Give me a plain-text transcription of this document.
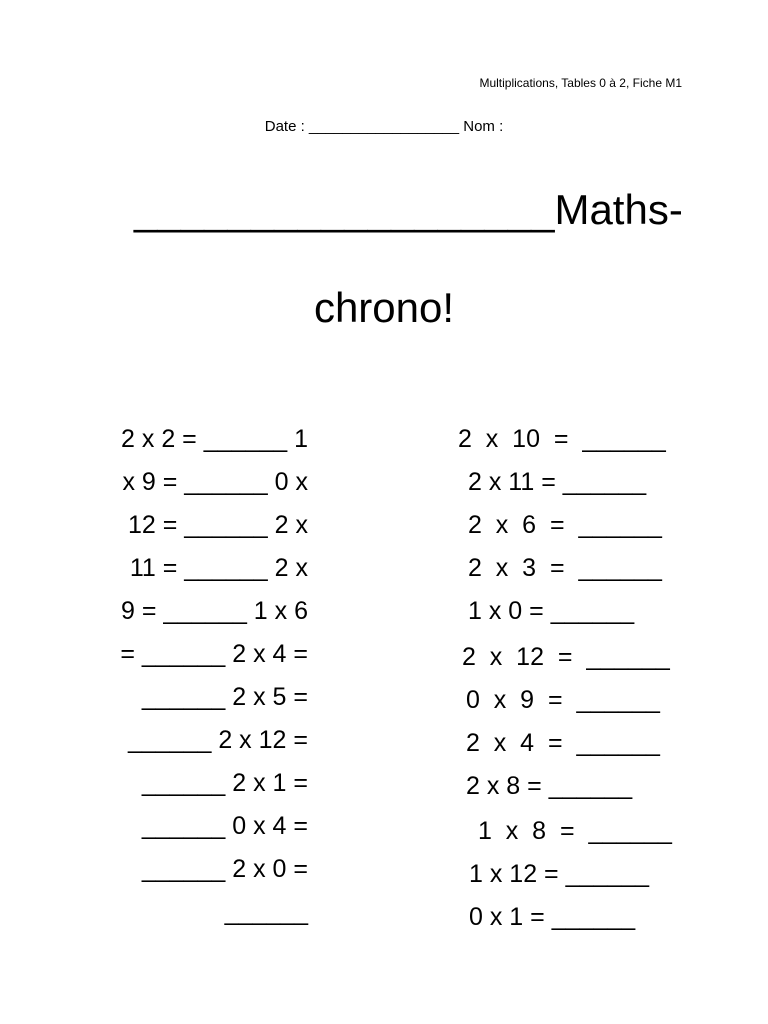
Multiplications, Tables 0 à 2, Fiche M1
Date : __________________ Nom :
__________________Maths-
chrono!
2 x 2 = ______ 1
x 9 = ______ 0 x
12 = ______ 2 x
11 = ______ 2 x
9 = ______ 1 x 6
= ______ 2 x 4 =
______ 2 x 5 =
______ 2 x 12 =
______ 2 x 1 =
______ 0 x 4 =
______ 2 x 0 =
______
2  x  10  =  ______
2 x 11 = ______
2  x  6  =  ______
2  x  3  =  ______
1 x 0 = ______
2  x  12  =  ______
0  x  9  =  ______
2  x  4  =  ______
2 x 8 = ______
1  x  8  =  ______
1 x 12 = ______
0 x 1 = ______
